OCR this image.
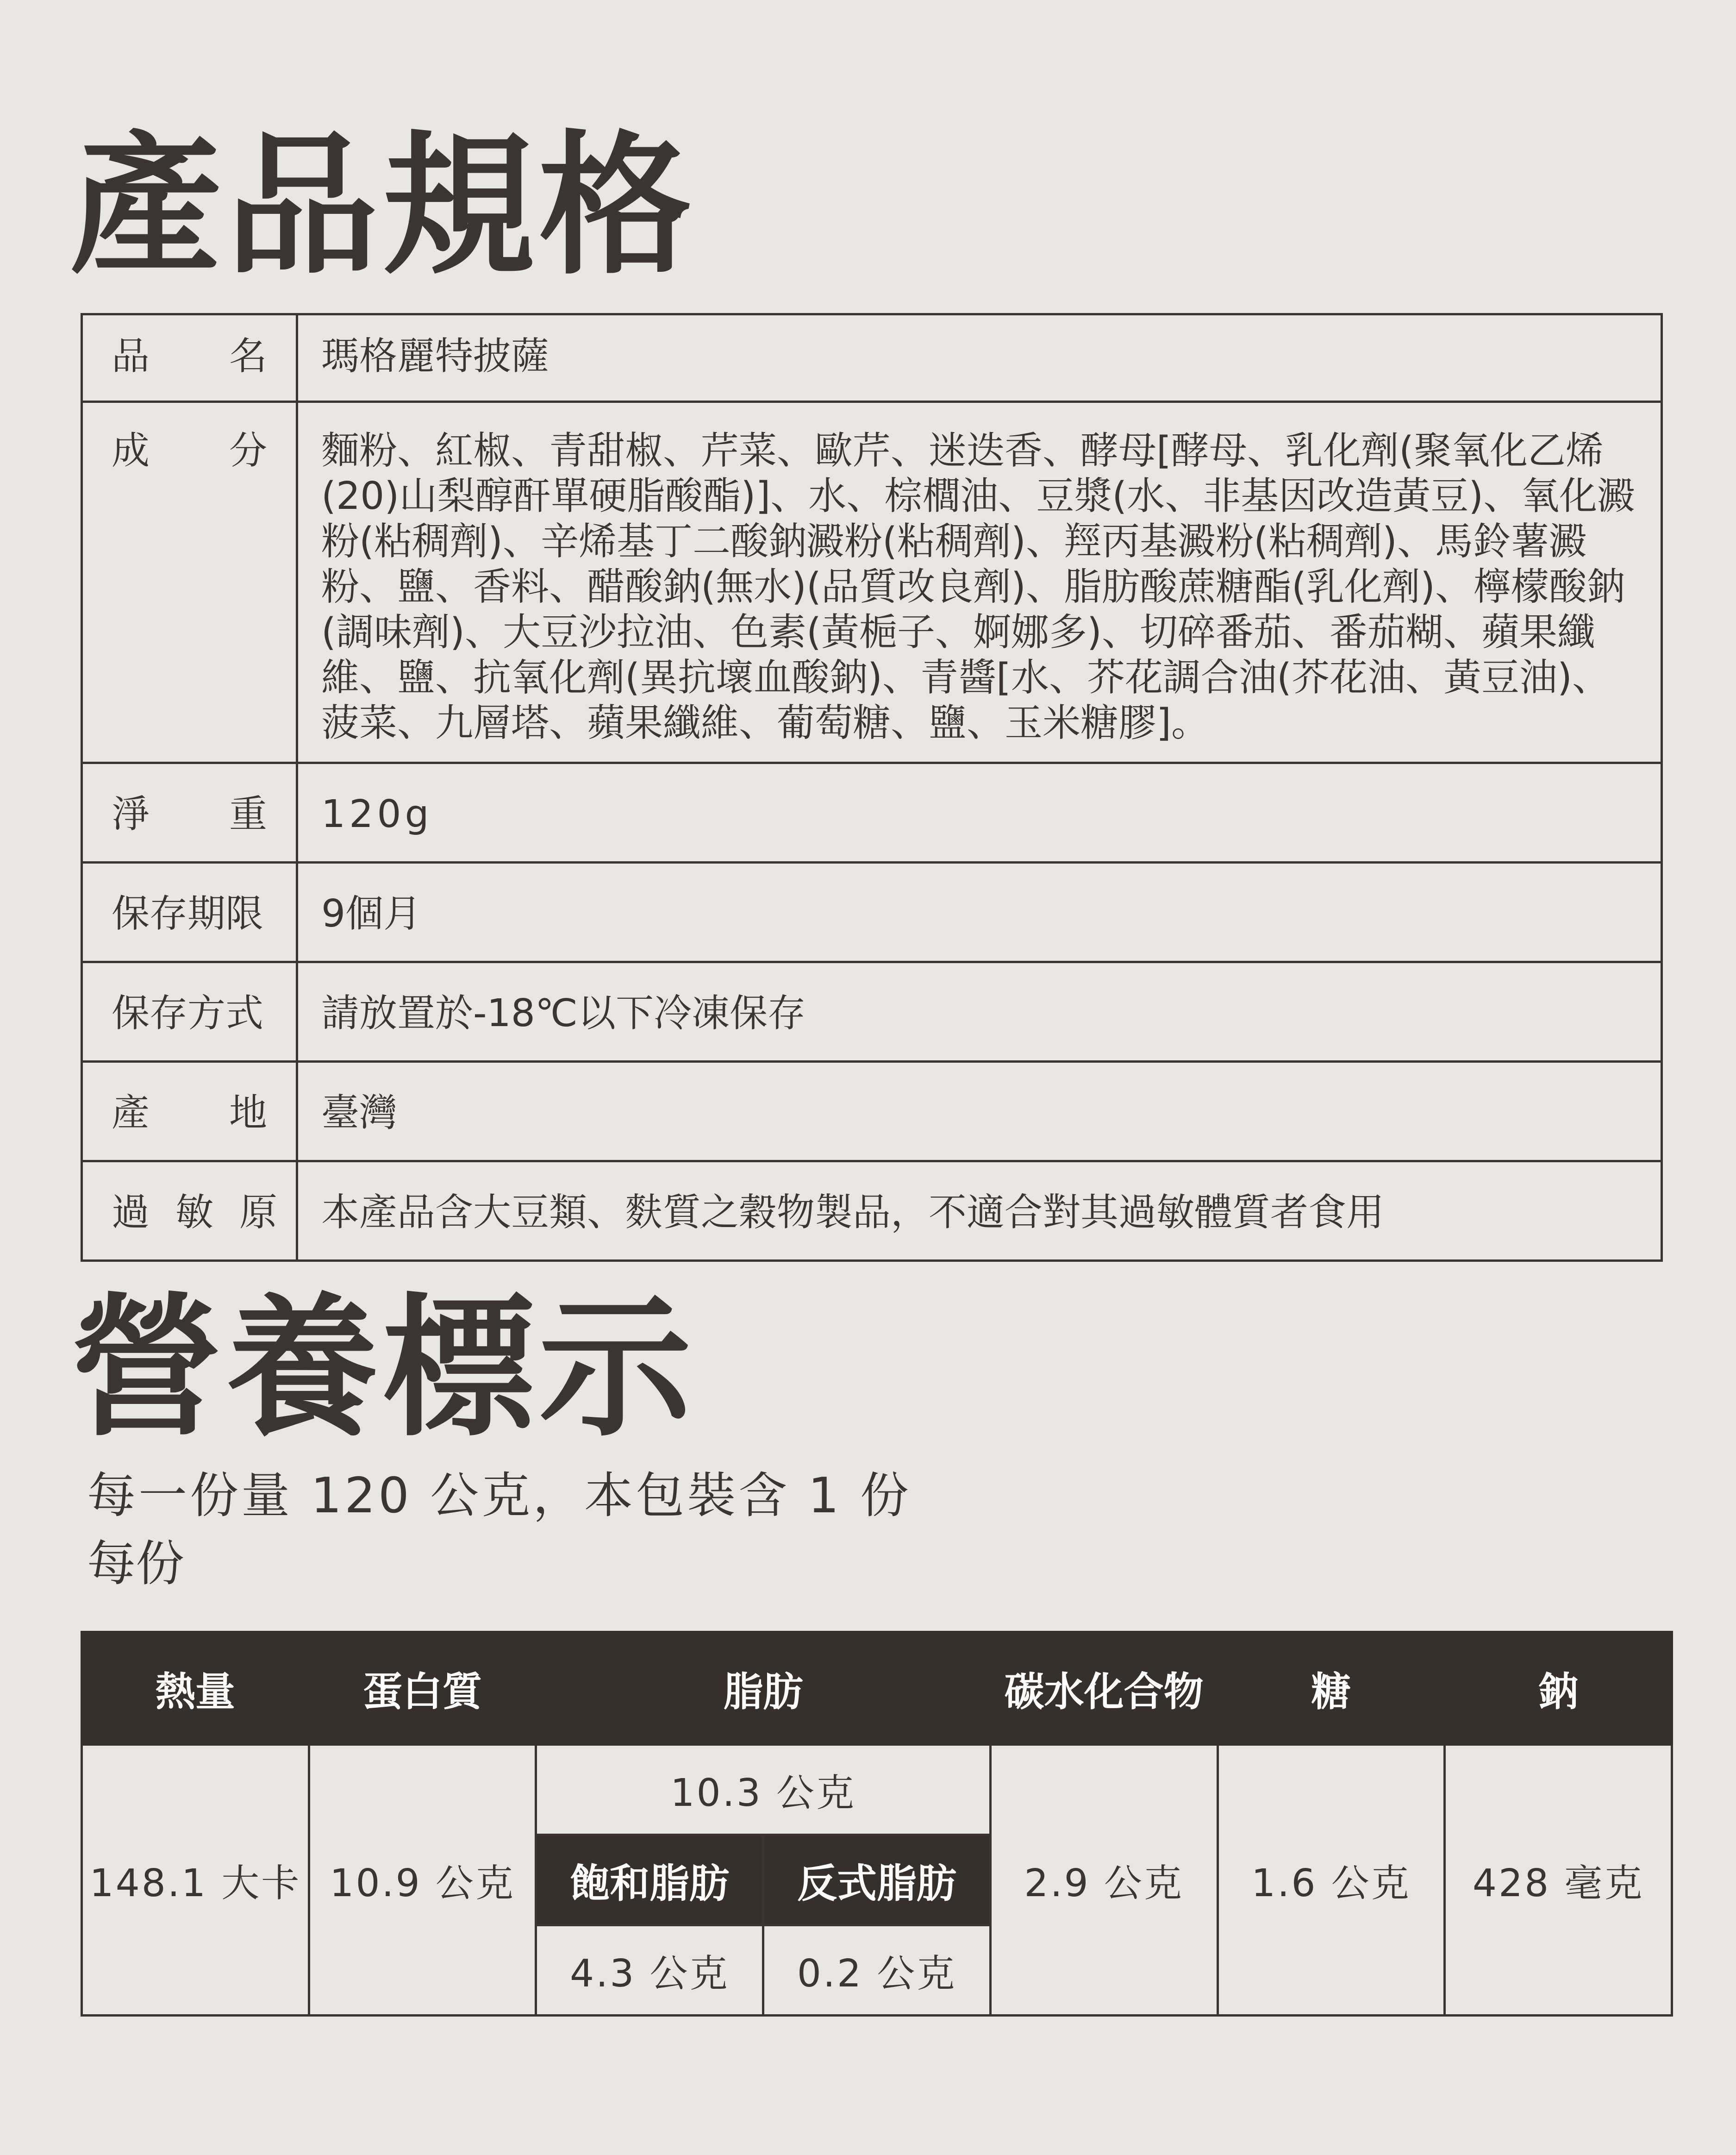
產品規格
品 名	瑪格麗特披薩

成 分	麵粉、紅椒、青甜椒、芹菜、歐芹、迷迭香、酵母[酵母、乳化劑(聚氧化乙烯(20)山梨醇酐單硬脂酸酯)]、水、棕櫚油、豆漿(水、非基因改造黃豆)、氧化澱粉(粘稠劑)、辛烯基丁二酸鈉澱粉(粘稠劑)、羥丙基澱粉(粘稠劑)、馬鈴薯澱粉、鹽、香料、醋酸鈉(無水)(品質改良劑)、脂肪酸蔗糖酯(乳化劑)、檸檬酸鈉(調味劑)、大豆沙拉油、色素(黃梔子、婀娜多)、切碎番茄、番茄糊、蘋果纖維、鹽、抗氧化劑(異抗壞血酸鈉)、青醬[水、芥花調合油(芥花油、黃豆油)、菠菜、九層塔、蘋果纖維、葡萄糖、鹽、玉米糖膠]。

淨 重	120g

保存期限	9個月

保存方式	請放置於-18℃以下冷凍保存

產 地	臺灣

過 敏 原	本產品含大豆類、麩質之穀物製品，不適合對其過敏體質者食用
營養標示
每一份量 120 公克，本包裝含 1 份
每份
熱量	蛋白質	脂肪		碳水化合物	糖	鈉
148.1 大卡	10.9 公克	10.3 公克		2.9 公克	1.6 公克	428 毫克
		飽和脂肪	反式脂肪			
		4.3 公克	0.2 公克			
